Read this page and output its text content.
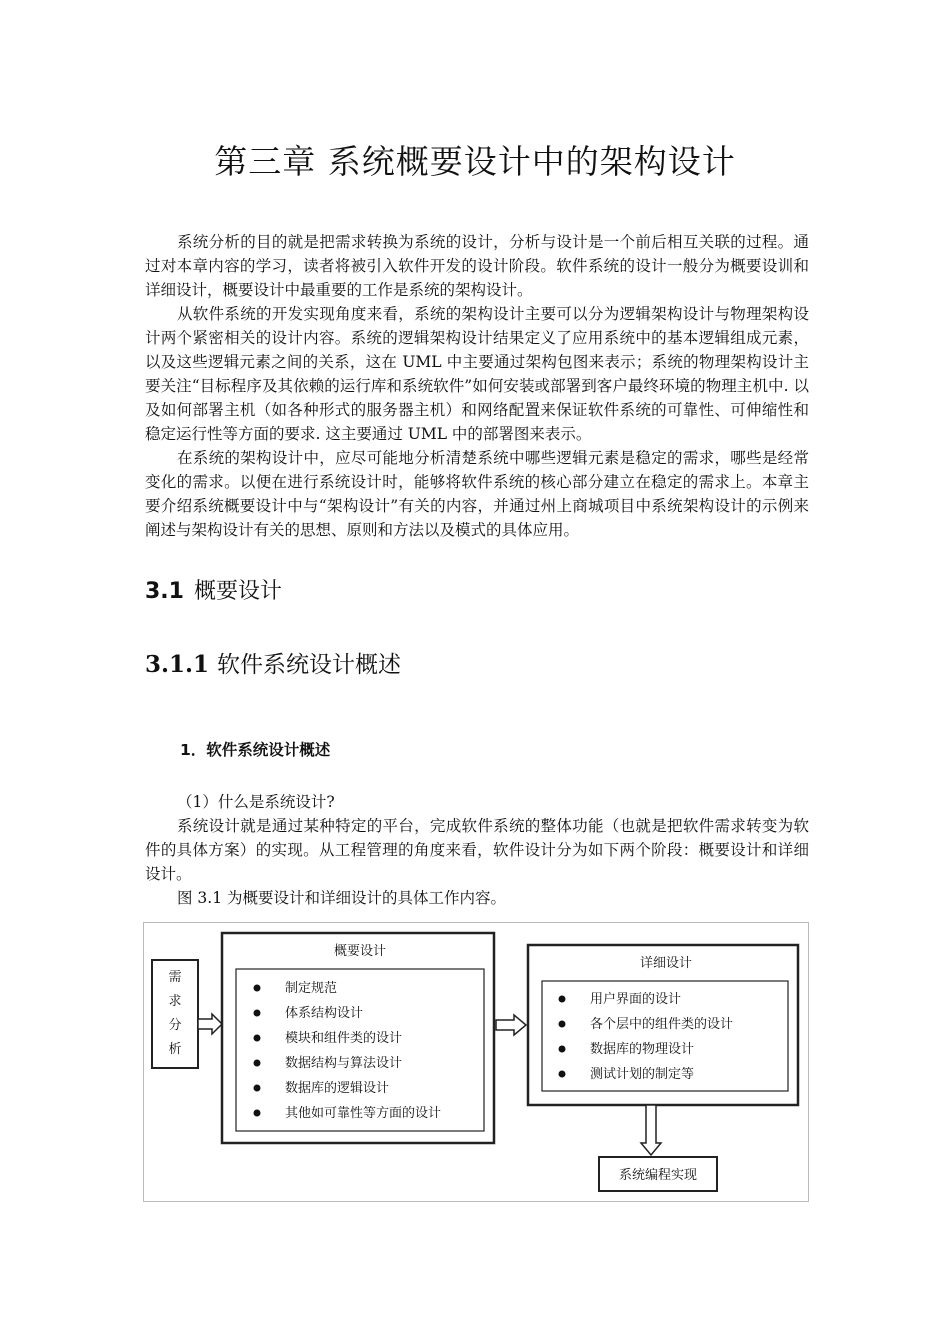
第三章 系统概要设计中的架构设计

系统分析的目的就是把需求转换为系统的设计，分析与设计是一个前后相互关联的过程。通过对本章内容的学习，读者将被引入软件开发的设计阶段。软件系统的设计一般分为概要设训和详细设计，概要设计中最重要的工作是系统的架构设计。

从软件系统的开发实现角度来看，系统的架构设计主要可以分为逻辑架构设计与物理架构设计两个紧密相关的设计内容。系统的逻辑架构设计结果定义了应用系统中的基本逻辑组成元素，以及这些逻辑元素之间的关系，这在 UML 中主要通过架构包图来表示；系统的物理架构设计主要关注“目标程序及其依赖的运行库和系统软件”如何安装或部署到客户最终环境的物理主机中. 以及如何部署主机（如各种形式的服务器主机）和网络配置来保证软件系统的可靠性、可伸缩性和稳定运行性等方面的要求. 这主要通过 UML 中的部署图来表示。

在系统的架构设计中，应尽可能地分析清楚系统中哪些逻辑元素是稳定的需求，哪些是经常变化的需求。以便在进行系统设计时，能够将软件系统的核心部分建立在稳定的需求上。本章主要介绍系统概要设计中与“架构设计”有关的内容，并通过州上商城项目中系统架构设计的示例来阐述与架构设计有关的思想、原则和方法以及模式的具体应用。

3.1 概要设计
3.1.1 软件系统设计概述
1．软件系统设计概述

（1）什么是系统设计?

系统设计就是通过某种特定的平台，完成软件系统的整体功能（也就是把软件需求转变为软件的具体方案）的实现。从工程管理的角度来看，软件设计分为如下两个阶段：概要设计和详细设计。

图 3.1 为概要设计和详细设计的具体工作内容。

需
求
分
析
概要设计
制定规范
体系结构设计
模块和组件类的设计
数据结构与算法设计
数据库的逻辑设计
其他如可靠性等方面的设计
详细设计
用户界面的设计
各个层中的组件类的设计
数据库的物理设计
测试计划的制定等
系统编程实现
